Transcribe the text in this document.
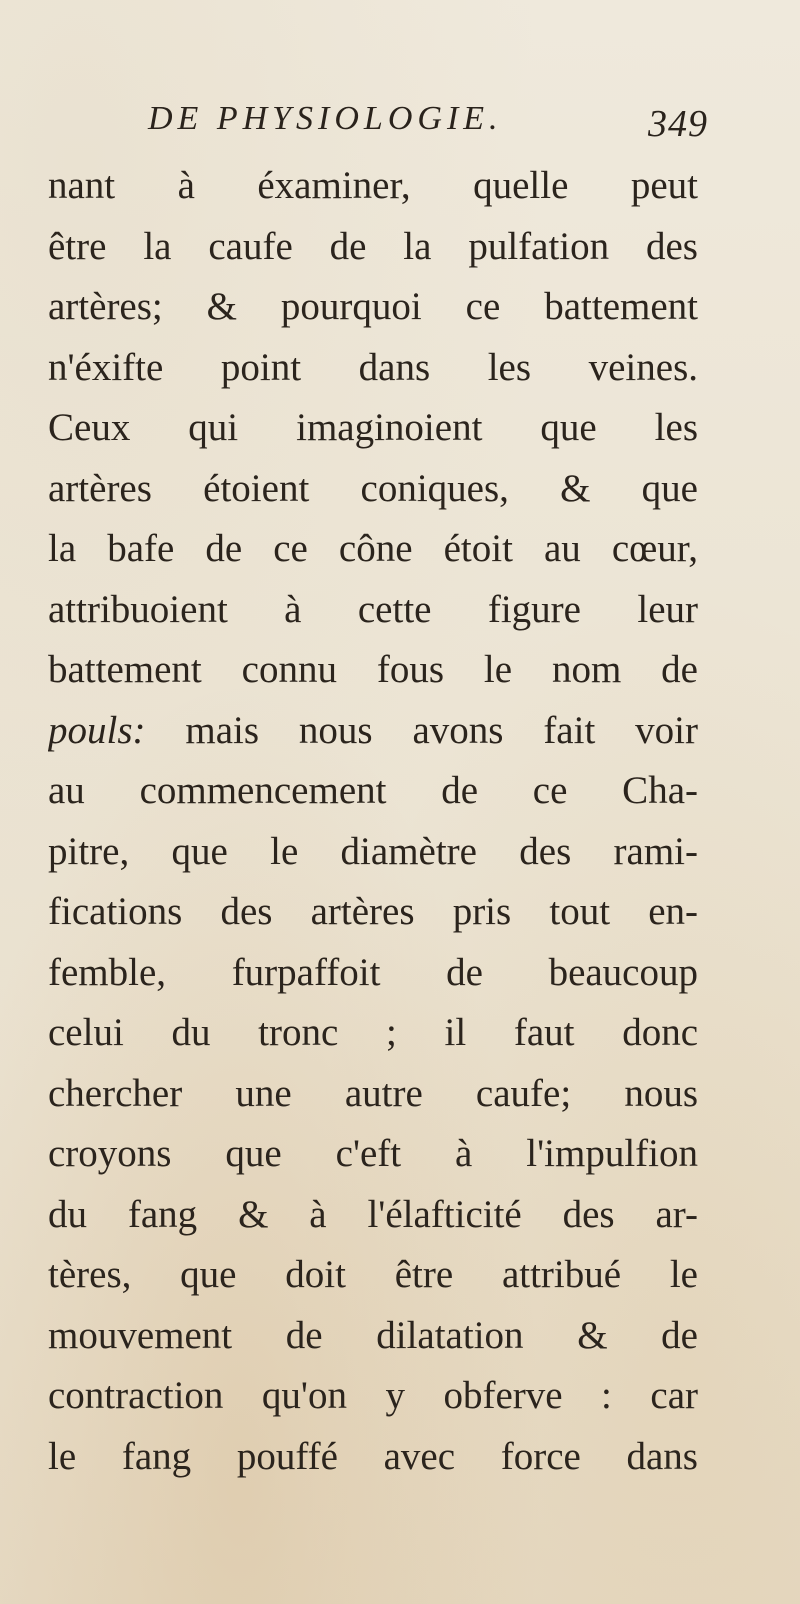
DE PHYSIOLOGIE.	349
nant à éxaminer, quelle peut
être la caufe de la pulfation des
artères; & pourquoi ce battement
n'éxifte point dans les veines.
Ceux qui imaginoient que les
artères étoient coniques, & que
la bafe de ce cône étoit au cœur,
attribuoient à cette figure leur
battement connu fous le nom de
pouls: mais nous avons fait voir
au commencement de ce Cha-
pitre, que le diamètre des rami-
fications des artères pris tout en-
femble, furpaffoit de beaucoup
celui du tronc ; il faut donc
chercher une autre caufe; nous
croyons que c'eft à l'impulfion
du fang & à l'élafticité des ar-
tères, que doit être attribué le
mouvement de dilatation & de
contraction qu'on y obferve : car
le fang pouffé avec force dans
